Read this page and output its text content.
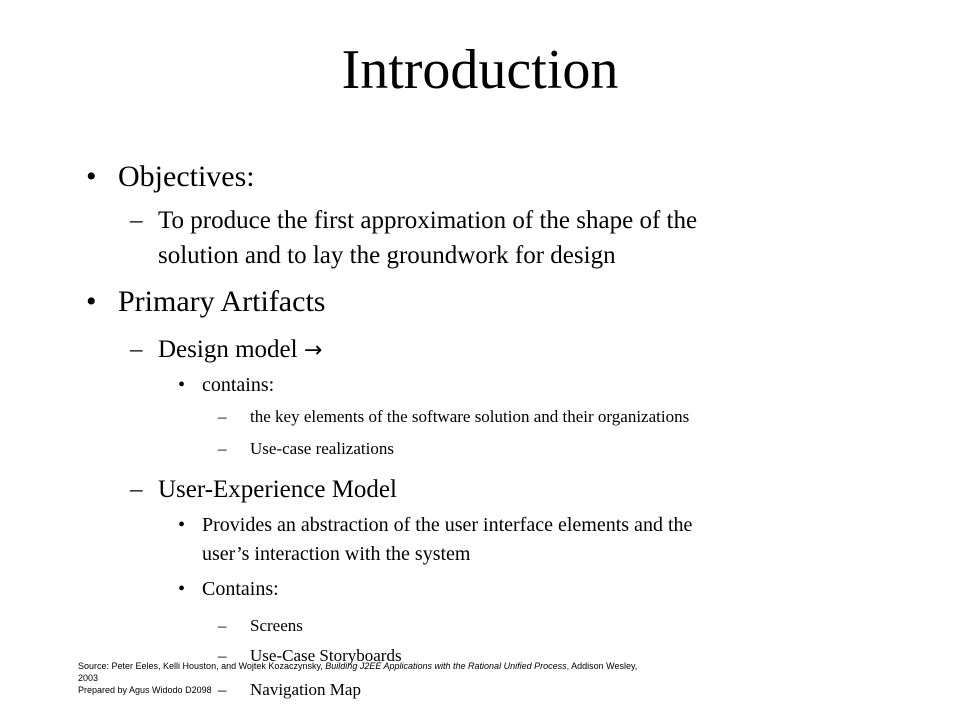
Introduction
• Objectives:
– To produce the first approximation of the shape of the
solution and to lay the groundwork for design
• Primary Artifacts
– Design model →
• contains:
– the key elements of the software solution and their organizations
– Use-case realizations
– User-Experience Model
• Provides an abstraction of the user interface elements and the
user’s interaction with the system
• Contains:
– Screens
– Use-Case Storyboards
– Navigation Map
Source: Peter Eeles, Kelli Houston, and Wojtek Kozaczynsky, Building J2EE Applications with the Rational Unified Process, Addison Wesley, 2003
Prepared by Agus Widodo D2098
